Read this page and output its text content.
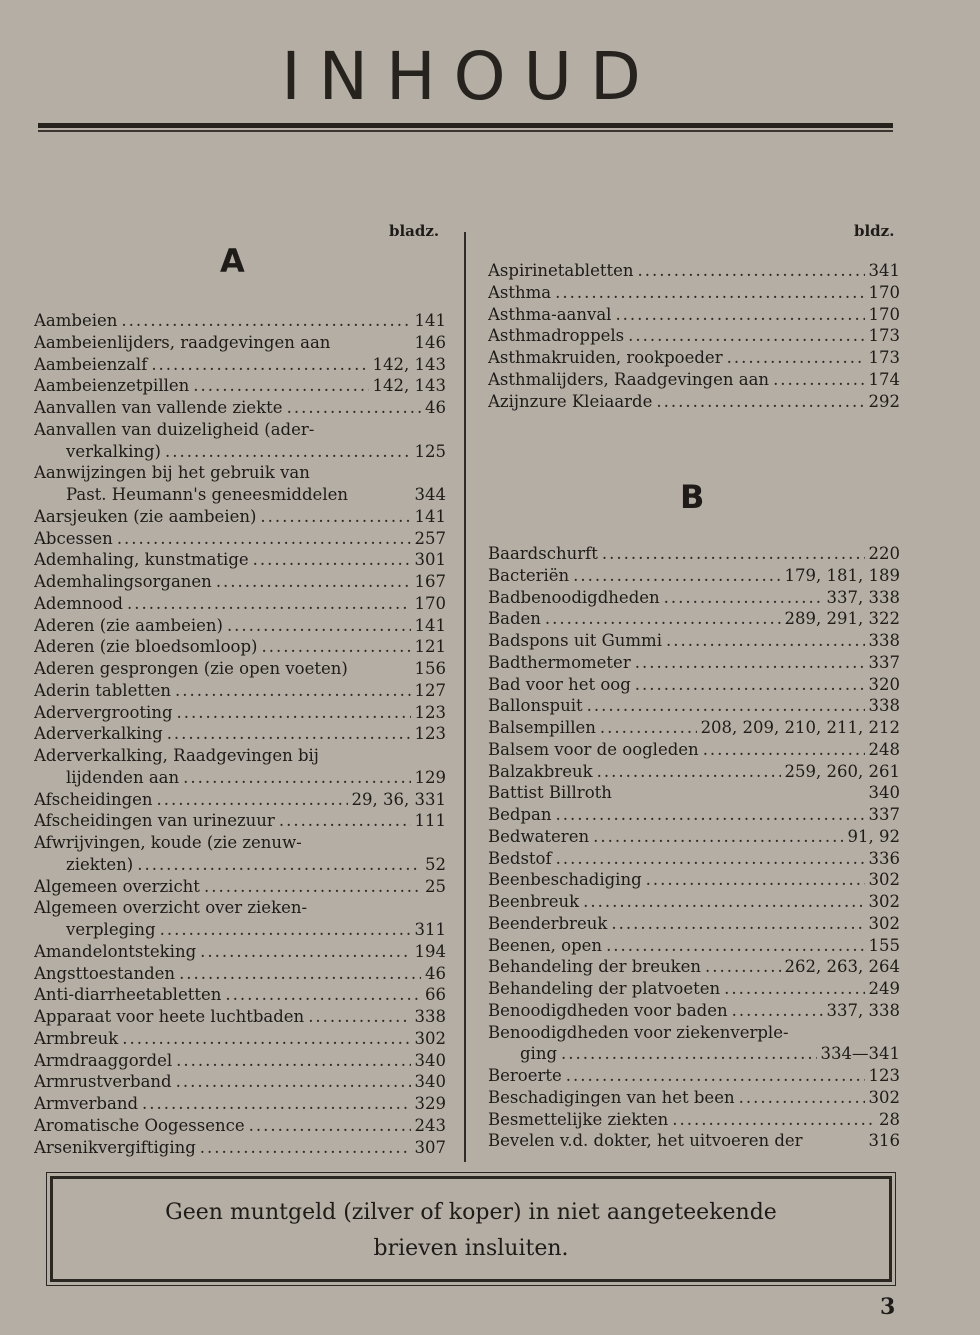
INHOUD
bladz.
A
Aambeien .....	141
Aambeienlijders, raadgevingen aan	146
Aambeienzalf .....	142, 143
Aambeienzetpillen .....	142, 143
Aanvallen van vallende ziekte .....	46
Aanvallen van duizeligheid (ader-
verkalking) .....	125
Aanwijzingen bij het gebruik van
Past. Heumann's geneesmiddelen	344
Aarsjeuken (zie aambeien) .....	141
Abcessen .....	257
Ademhaling, kunstmatige .....	301
Ademhalingsorganen .....	167
Ademnood .....	170
Aderen (zie aambeien) .....	141
Aderen (zie bloedsomloop) .....	121
Aderen gesprongen (zie open voeten)	156
Aderin tabletten .....	127
Adervergrooting .....	123
Aderverkalking .....	123
Aderverkalking, Raadgevingen bij
lijdenden aan .....	129
Afscheidingen .....	29, 36, 331
Afscheidingen van urinezuur .....	111
Afwrijvingen, koude (zie zenuw-
ziekten) .....	52
Algemeen overzicht .....	25
Algemeen overzicht over zieken-
verpleging .....	311
Amandelontsteking .....	194
Angsttoestanden .....	46
Anti-diarrheetabletten .....	66
Apparaat voor heete luchtbaden .....	338
Armbreuk .....	302
Armdraaggordel .....	340
Armrustverband .....	340
Armverband .....	329
Aromatische Oogessence .....	243
Arsenikvergiftiging .....	307
bldz.
Aspirinetabletten .....	341
Asthma .....	170
Asthma-aanval .....	170
Asthmadroppels .....	173
Asthmakruiden, rookpoeder .....	173
Asthmalijders, Raadgevingen aan .....	174
Azijnzure Kleiaarde .....	292
B
Baardschurft .....	220
Bacteriën .....	179, 181, 189
Badbenoodigdheden .....	337, 338
Baden .....	289, 291, 322
Badspons uit Gummi .....	338
Badthermometer .....	337
Bad voor het oog .....	320
Ballonspuit .....	338
Balsempillen .....	208, 209, 210, 211, 212
Balsem voor de oogleden .....	248
Balzakbreuk .....	259, 260, 261
Battist Billroth	340
Bedpan .....	337
Bedwateren .....	91, 92
Bedstof .....	336
Beenbeschadiging .....	302
Beenbreuk .....	302
Beenderbreuk .....	302
Beenen, open .....	155
Behandeling der breuken .....	262, 263, 264
Behandeling der platvoeten .....	249
Benoodigdheden voor baden .....	337, 338
Benoodigdheden voor ziekenverple-
ging .....	334—341
Beroerte .....	123
Beschadigingen van het been .....	302
Besmettelijke ziekten .....	28
Bevelen v.d. dokter, het uitvoeren der	316

Geen muntgeld (zilver of koper) in niet aangeteekende

brieven insluiten.

3
